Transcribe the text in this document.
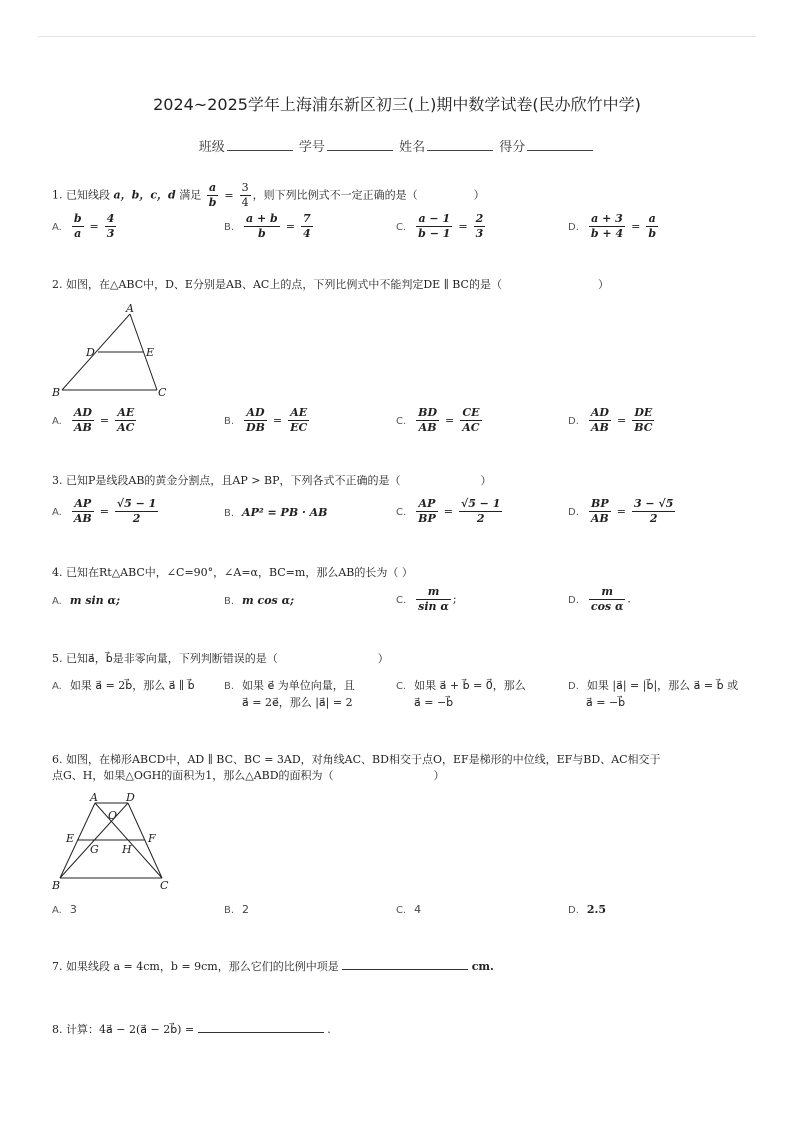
2024~2025学年上海浦东新区初三(上)期中数学试卷(民办欣竹中学)
班级	学号	姓名	得分
1. 已知线段 a，b，c，d 满足 $\frac{a}{b} = \frac{3}{4}$ ，则下列比例式不一定正确的是（	）
A. $\frac{b}{a} = \frac{4}{3}$	B. $\frac{a + b}{b} = \frac{7}{4}$	C. $\frac{a - 1}{b - 1} = \frac{2}{3}$	D. $\frac{a + 3}{b + 4} = \frac{a}{b}$
2. 如图，在△ABC中，D、E分别是AB、AC上的点，下列比例式中不能判定DE ∥ BC的是（	）
A
D	E
B	C
A. $\frac{AD}{AB} = \frac{AE}{AC}$	B. $\frac{AD}{DB} = \frac{AE}{EC}$	C. $\frac{BD}{AB} = \frac{CE}{AC}$	D. $\frac{AD}{AB} = \frac{DE}{BC}$
3. 已知P是线段AB的黄金分割点，且AP > BP，下列各式不正确的是（	）
A. $\frac{AP}{AB} = \frac{√5 - 1}{2}$	B. AP² = PB · AB	C. $\frac{AP}{BP} = \frac{√5 - 1}{2}$	D. $\frac{BP}{AB} = \frac{3 - √5}{2}$
4. 已知在Rt△ABC中，∠C=90°，∠A=α，BC=m，那么AB的长为（ ）
A. m sin α;	B. m cos α;	C. $\frac{m}{\text{sin α}}$ ;	D. $\frac{m}{\text{cos α}}$ .
5. 已知a⃗，b⃗是非零向量，下列判断错误的是（	）
A. 如果 a⃗ = 2b⃗，那么 a⃗ ∥ b⃗	B. 如果 e⃗ 为单位向量，且
a⃗ = 2e⃗，那么 |a⃗| = 2
C. 如果 a⃗ + b⃗ = 0⃗，那么
a⃗ = −b⃗
D. 如果 |a⃗| = |b⃗|，那么 a⃗ = b⃗ 或
a⃗ = −b⃗
6. 如图，在梯形ABCD中，AD ∥ BC、BC = 3AD，对角线AC、BD相交于点O，EF是梯形的中位线，EF与BD、AC相交于
点G、H，如果△OGH的面积为1，那么△ABD的面积为（	）
A	D
O
E	F
G H
B	C
A. 3	B. 2	C. 4	D. 2.5
7. 如果线段 a = 4cm，b = 9cm，那么它们的比例中项是	cm.
8. 计算：4a⃗ − 2(a⃗ − 2b⃗) =	.
